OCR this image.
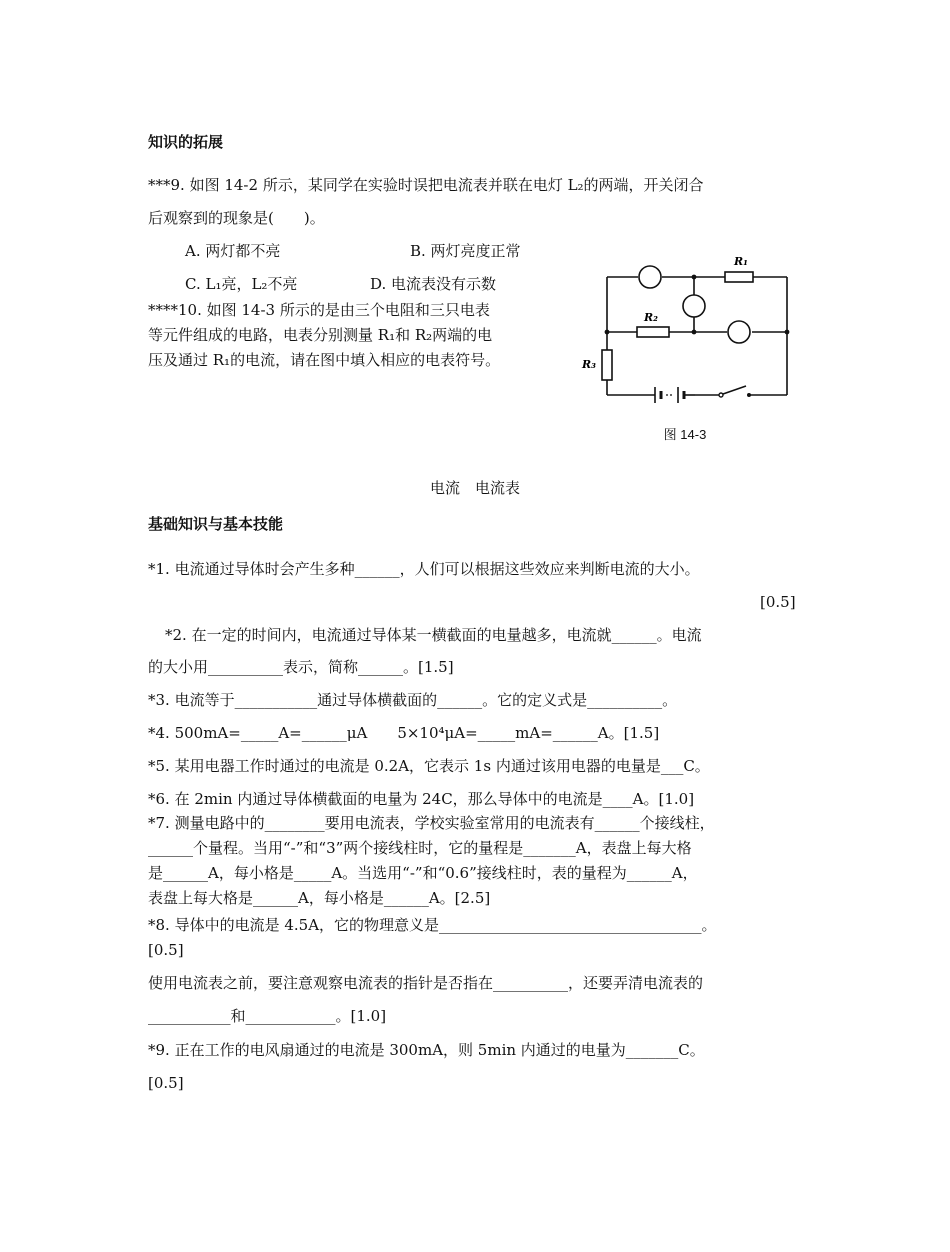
知识的拓展
***9. 如图 14-2 所示，某同学在实验时误把电流表并联在电灯 L₂的两端，开关闭合
后观察到的现象是(　　)。
A. 两灯都不亮	B. 两灯亮度正常
C. L₁亮，L₂不亮	D. 电流表没有示数
****10. 如图 14-3 所示的是由三个电阻和三只电表
等元件组成的电路，电表分别测量 R₁和 R₂两端的电
压及通过 R₁的电流，请在图中填入相应的电表符号。
R₁
R₂
R₃
图 14-3
电流　电流表
基础知识与基本技能
*1. 电流通过导体时会产生多种______，人们可以根据这些效应来判断电流的大小。
[0.5]
*2. 在一定的时间内，电流通过导体某一横截面的电量越多，电流就______。电流
的大小用__________表示，简称______。[1.5]
*3. 电流等于___________通过导体横截面的______。它的定义式是__________。
*4. 500mA=_____A=______μA　　5×10⁴μA=_____mA=______A。[1.5]
*5. 某用电器工作时通过的电流是 0.2A，它表示 1s 内通过该用电器的电量是___C。
*6. 在 2min 内通过导体横截面的电量为 24C，那么导体中的电流是____A。[1.0]
*7. 测量电路中的________要用电流表，学校实验室常用的电流表有______个接线柱，
______个量程。当用“-”和“3”两个接线柱时，它的量程是_______A，表盘上每大格
是______A，每小格是_____A。当选用“-”和“0.6”接线柱时，表的量程为______A，
表盘上每大格是______A，每小格是______A。[2.5]
*8. 导体中的电流是 4.5A，它的物理意义是___________________________________。
[0.5]
使用电流表之前，要注意观察电流表的指针是否指在__________，还要弄清电流表的
___________和____________。[1.0]
*9. 正在工作的电风扇通过的电流是 300mA，则 5min 内通过的电量为_______C。
[0.5]
